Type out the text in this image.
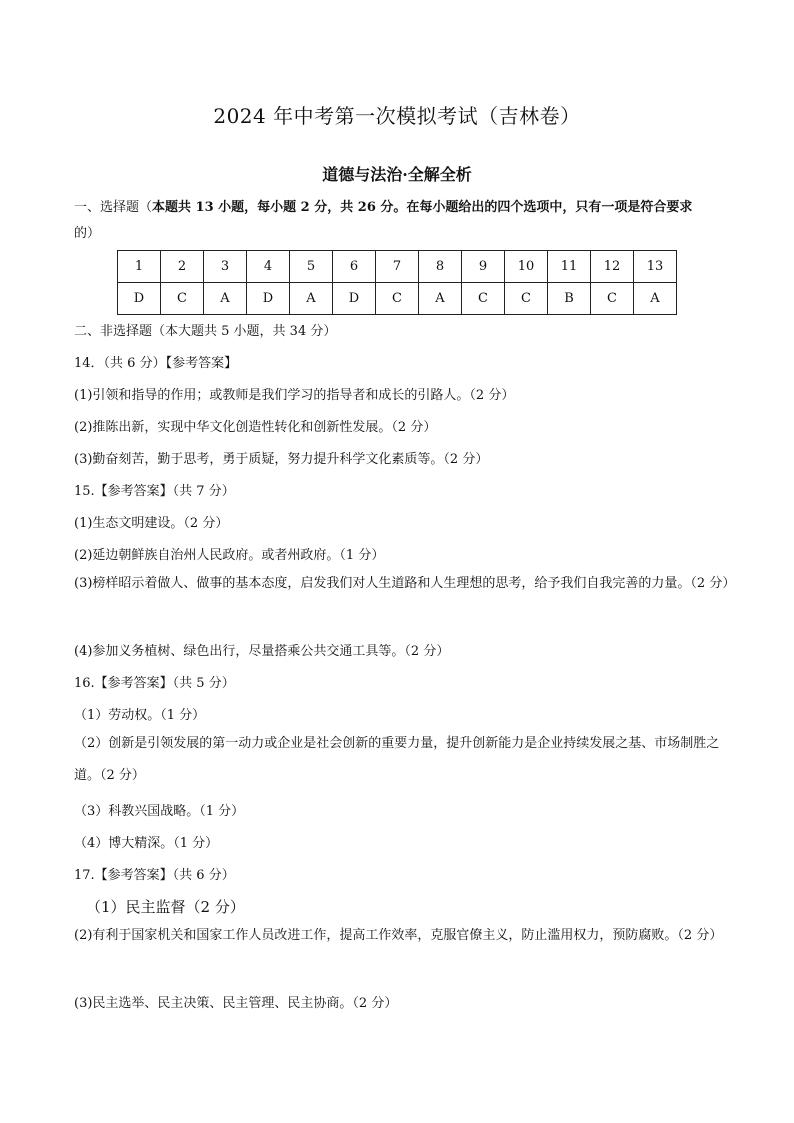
2024 年中考第一次模拟考试（吉林卷）
道德与法治·全解全析
一、选择题（本题共 13 小题，每小题 2 分，共 26 分。在每小题给出的四个选项中，只有一项是符合要求
的）
1	2	3	4	5	6	7	8	9	10	11	12	13
D	C	A	D	A	D	C	A	C	C	B	C	A
二、非选择题（本大题共 5 小题，共 34 分）
14．（共 6 分）【参考答案】
(1)引领和指导的作用；或教师是我们学习的指导者和成长的引路人。（2 分）
(2)推陈出新，实现中华文化创造性转化和创新性发展。（2 分）
(3)勤奋刻苦，勤于思考，勇于质疑，努力提升科学文化素质等。（2 分）
15.【参考答案】（共 7 分）
(1)生态文明建设。（2 分）
(2)延边朝鲜族自治州人民政府。或者州政府。（1 分）
(3)榜样昭示着做人、做事的基本态度，启发我们对人生道路和人生理想的思考，给予我们自我完善的力量。（2 分）
(4)参加义务植树、绿色出行，尽量搭乘公共交通工具等。（2 分）
16.【参考答案】（共 5 分）
（1）劳动权。（1 分）
（2）创新是引领发展的第一动力或企业是社会创新的重要力量，提升创新能力是企业持续发展之基、市场制胜之道。（2 分）
（3）科教兴国战略。（1 分）
（4）博大精深。（1 分）
17.【参考答案】（共 6 分）
（1）民主监督（2 分）
(2)有利于国家机关和国家工作人员改进工作，提高工作效率，克服官僚主义，防止滥用权力，预防腐败。（2 分）
(3)民主选举、民主决策、民主管理、民主协商。（2 分）
